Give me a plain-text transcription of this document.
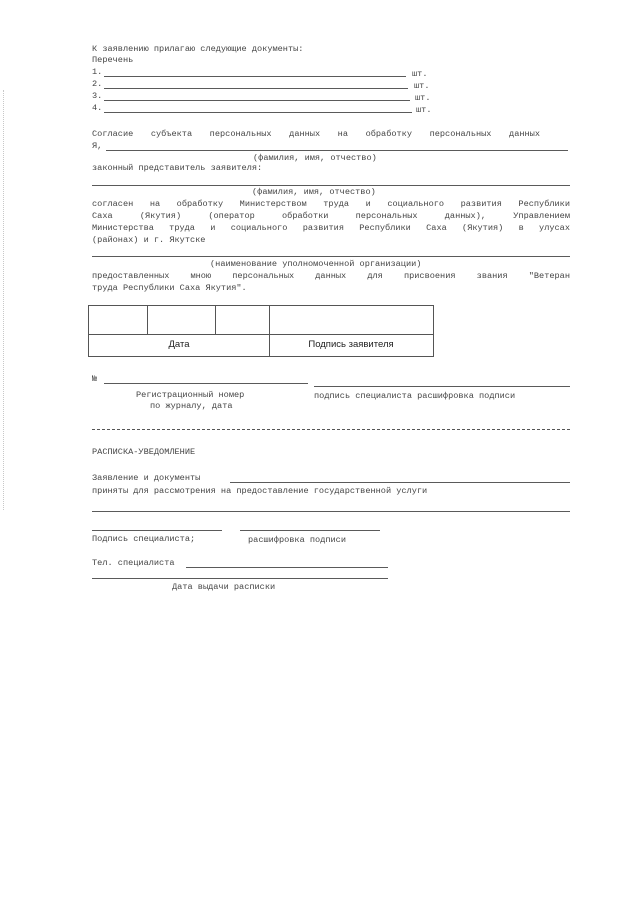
К заявлению прилагаю следующие документы:
Перечень
1.	шт.
2.	шт.
3.	шт.
4.	шт.
Согласие субъекта персональных данных на обработку персональных данных
Я,
(фамилия, имя, отчество)
законный представитель заявителя:
(фамилия, имя, отчество)
согласен на обработку Министерством труда и социального развития Республики
Саха (Якутия) (оператор обработки персональных данных), Управлением
Министерства труда и социального развития Республики Саха (Якутия) в улусах
(районах) и г. Якутске
(наименование уполномоченной организации)
предоставленных мною персональных данных для присвоения звания "Ветеран
труда Республики Саха Якутия".
Дата	Подпись заявителя
№
Регистрационный номер
по журналу, дата
подпись специалиста расшифровка подписи
РАСПИСКА-УВЕДОМЛЕНИЕ
Заявление и документы
приняты для рассмотрения на предоставление государственной услуги
Подпись специалиста;	расшифровка подписи
Тел. специалиста
Дата выдачи расписки
